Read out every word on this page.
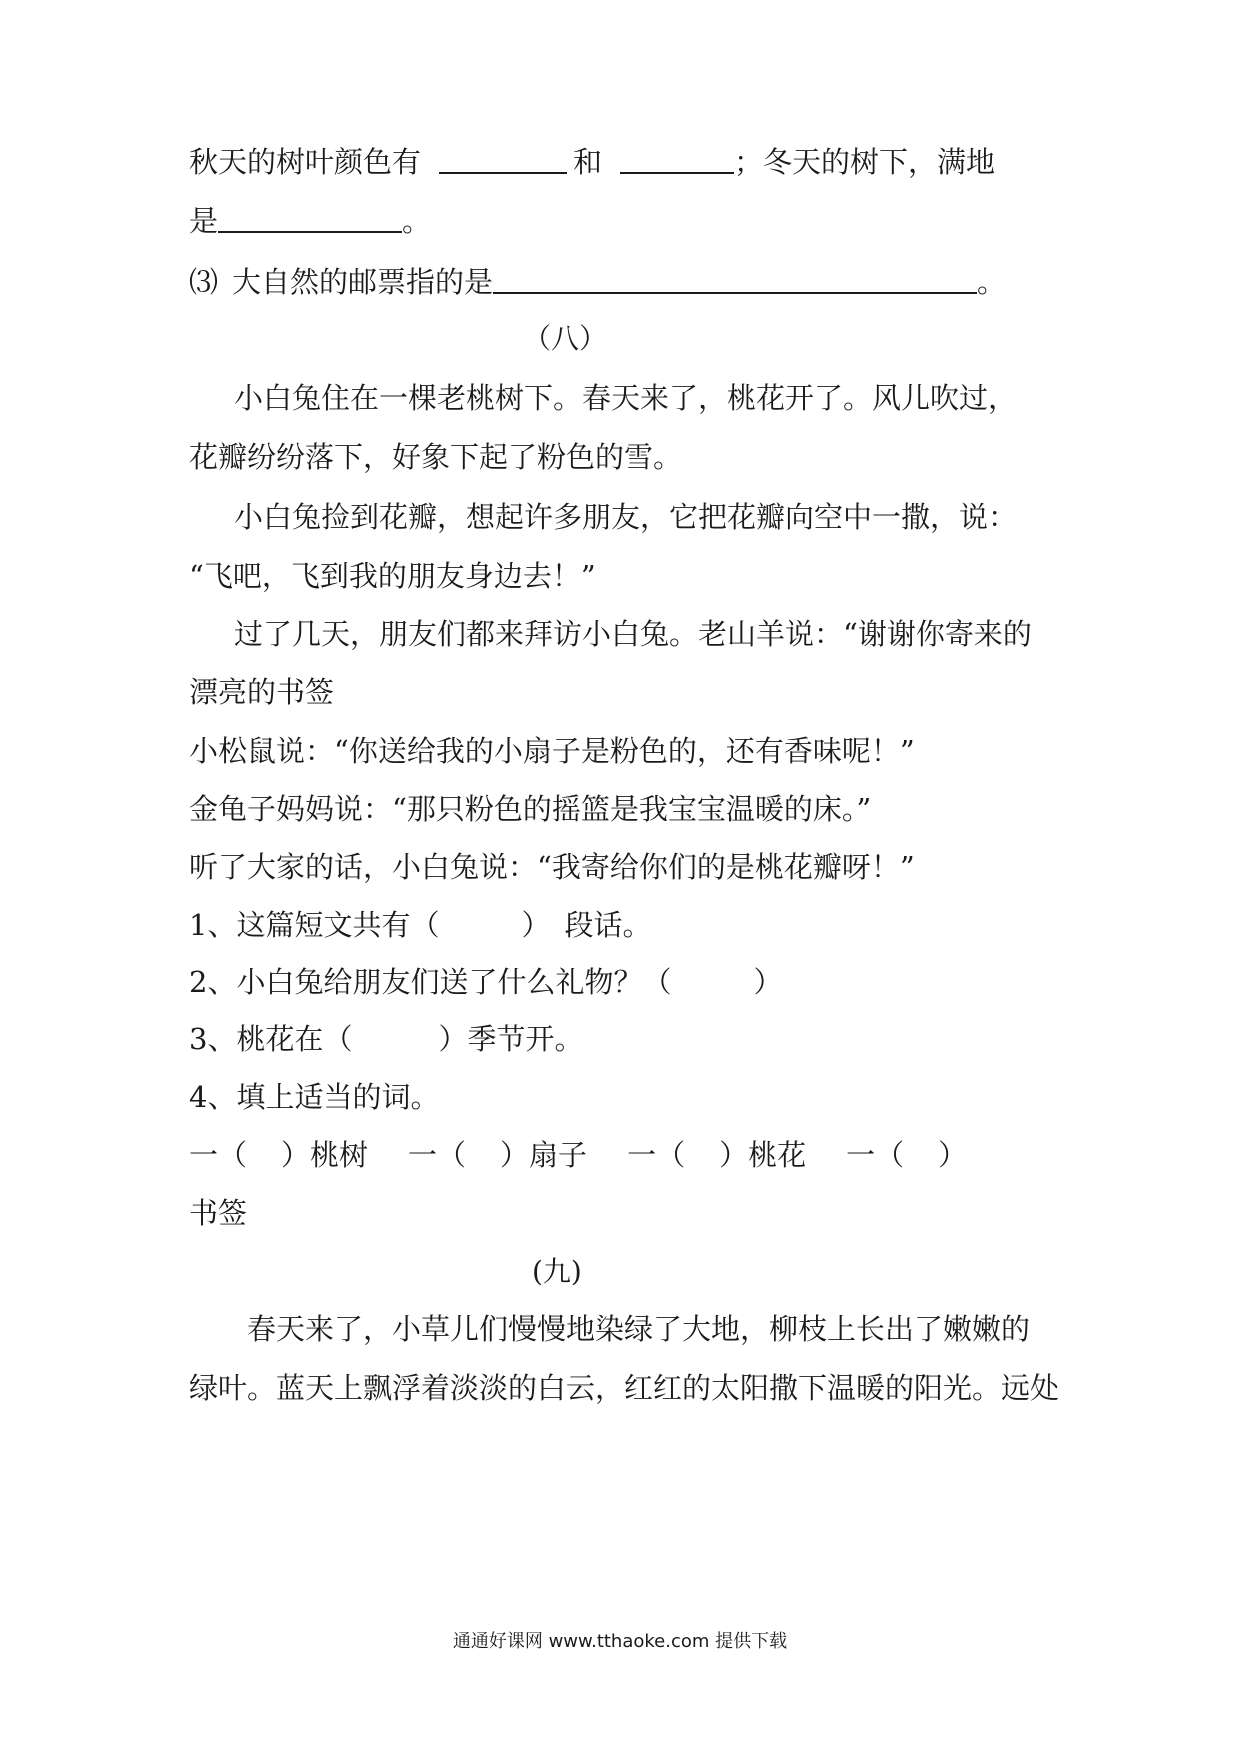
秋天的树叶颜色有	和	；冬天的树下，满地
是	。
⑶ 大自然的邮票指的是	。
（八）
小白兔住在一棵老桃树下。春天来了，桃花开了。风儿吹过，
花瓣纷纷落下，好象下起了粉色的雪。
小白兔捡到花瓣，想起许多朋友，它把花瓣向空中一撒，说：
“飞吧，飞到我的朋友身边去！”
过了几天，朋友们都来拜访小白兔。老山羊说：“谢谢你寄来的
漂亮的书签
小松鼠说：“你送给我的小扇子是粉色的，还有香味呢！”
金龟子妈妈说：“那只粉色的摇篮是我宝宝温暖的床。”
听了大家的话，小白兔说：“我寄给你们的是桃花瓣呀！”
1、这篇短文共有（	） 段话。
2、小白兔给朋友们送了什么礼物？（	）
3、桃花在（	）季节开。
4、填上适当的词。
一（ ）桃树 一（ ）扇子 一（ ）桃花 一（ ）
书签
(九)
春天来了，小草儿们慢慢地染绿了大地，柳枝上长出了嫩嫩的
绿叶。蓝天上飘浮着淡淡的白云，红红的太阳撒下温暖的阳光。远处
通通好课网 www.tthaoke.com 提供下载
